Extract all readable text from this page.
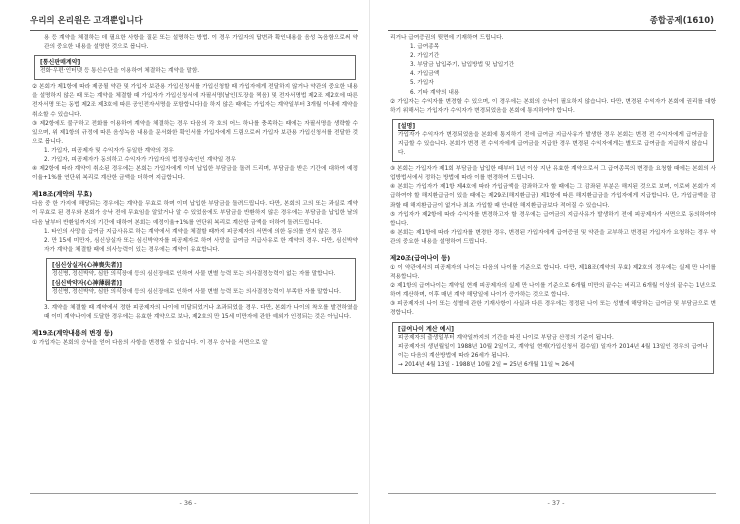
우리의 온리원은 고객뿐입니다

용 등 계약을 체결하는 데 필요한 사항을 질문 또는 설명하는 방법. 이 경우 가입자의 답변과 확인내용을 음성 녹음함으로써 약관의 중요한 내용을 설명한 것으로 봅니다.

[통신판매계약]

전화·우편·인터넷 등 통신수단을 이용하여 체결하는 계약을 말함.

② 본회가 제1항에 따라 제공될 약관 및 가입자 보관용 가입신청서를 가입신청할 때 가입자에게 전달하지 않거나 약관의 중요한 내용을 설명하지 않은 때 또는 계약을 체결할 때 가입자가 가입신청서에 자필서명(날인(도장을 찍음) 및 전자서명법 제2조 제2호에 따른 전자서명 또는 동법 제2조 제3호에 따른 공인전자서명을 포함합니다)을 하지 않은 때에는 가입자는 계약일부터 3개월 이내에 계약을 취소할 수 있습니다.

③ 제2항에도 불구하고 전화를 이용하여 계약을 체결하는 경우 다음의 각 호의 어느 하나를 충족하는 때에는 자필서명을 생략할 수 있으며, 위 제1항의 규정에 따른 음성녹음 내용을 문서화한 확인서를 가입자에게 드림으로써 가입자 보관용 가입신청서를 전달한 것으로 봅니다.

1. 가입자, 피공제자 및 수익자가 동일한 계약의 경우

2. 가입자, 피공제자가 동의하고 수익자가 가입자의 법정상속인인 계약일 경우

④ 제2항에 따라 계약이 취소된 경우에는 본회는 가입자에게 이미 납입한 부담금을 돌려 드리며, 부담금을 받은 기간에 대하여 예정이율+1%를 연단위 복리로 계산한 금액을 더하여 지급합니다.

제18조(계약의 무효)

다음 중 한 가지에 해당되는 경우에는 계약을 무효로 하며 이미 납입한 부담금을 돌려드립니다. 다만, 본회의 고의 또는 과실로 계약이 무효로 된 경우와 본회가 승낙 전에 무효임을 알았거나 알 수 있었음에도 부담금을 반환하지 않은 경우에는 부담금을 납입한 날의 다음 날부터 반환일까지의 기간에 대하여 본회는 예정이율+1%를 연단위 복리로 계산한 금액을 더하여 돌려드립니다.

1. 타인의 사망을 급여금 지급사유로 하는 계약에서 계약을 체결할 때까지 피공제자의 서면에 의한 동의를 얻지 않은 경우

2. 만 15세 미만자, 심신상실자 또는 심신박약자를 피공제자로 하여 사망을 급여금 지급사유로 한 계약의 경우. 다만, 심신박약자가 계약을 체결할 때에 의사능력이 있는 경우에는 계약이 유효합니다.

[심신상실자(心神喪失者)]

정신병, 정신박약, 심한 의식장애 등의 심신장애로 인하여 사물 변별 능력 또는 의사결정능력이 없는 자를 말합니다.

[심신박약자(心神薄弱者)]

정신병, 정신박약, 심한 의식장애 등의 심신장애로 인하여 사물 변별 능력 또는 의사결정능력이 부족한 자를 말합니다.

3. 계약을 체결할 때 계약에서 정한 피공제자의 나이에 미달되었거나 초과되었을 경우. 다만, 본회가 나이의 착오를 발견하였을 때 이미 계약나이에 도달한 경우에는 유효한 계약으로 보나, 제2호의 만 15세 미만자에 관한 예외가 인정되는 것은 아닙니다.

제19조(계약내용의 변경 등)

① 가입자는 본회의 승낙을 얻어 다음의 사항을 변경할 수 있습니다. 이 경우 승낙을 서면으로 알

- 36 -
종합공제(1610)

리거나 급여증권의 뒷면에 기재하여 드립니다.

1. 급여종목

2. 가입기간

3. 부담금 납입주기, 납입방법 및 납입기간

4. 가입금액

5. 가입자

6. 기타 계약의 내용

② 가입자는 수익자를 변경할 수 있으며, 이 경우에는 본회의 승낙이 필요하지 않습니다. 다만, 변경된 수익자가 본회에 권리를 대항하기 위해서는 가입자가 수익자가 변경되었음을 본회에 통지하여야 합니다.

[설명]

가입자가 수익자가 변경되었음을 본회에 통지하기 전에 급여금 지급사유가 발생한 경우 본회는 변경 전 수익자에게 급여금을 지급할 수 있습니다. 본회가 변경 전 수익자에게 급여금을 지급한 경우 변경된 수익자에게는 별도로 급여금을 지급하지 않습니다.

③ 본회는 가입자가 제1회 부담금을 납입한 때부터 1년 이상 지난 유효한 계약으로서 그 급여종목의 변경을 요청할 때에는 본회의 사업방법서에서 정하는 방법에 따라 이를 변경하여 드립니다.

④ 본회는 가입자가 제1항 제4호에 따라 가입금액을 감좌하고자 할 때에는 그 감좌된 부분은 해지된 것으로 보며, 이로써 본회가 지급하여야 할 해지환급금이 있을 때에는 제29조(해지환급금) 제1항에 따른 해지환급금을 가입자에게 지급합니다. 단, 가입금액을 감좌할 때 해지환급금이 없거나 최초 가입할 때 안내한 해지환급금보다 적어질 수 있습니다.

⑤ 가입자가 제2항에 따라 수익자를 변경하고자 할 경우에는 급여금의 지급사유가 발생하기 전에 피공제자가 서면으로 동의하여야 합니다.

⑥ 본회는 제1항에 따라 가입자를 변경한 경우, 변경된 가입자에게 급여증권 및 약관을 교부하고 변경된 가입자가 요청하는 경우 약관의 중요한 내용을 설명하여 드립니다.

제20조(급여나이 등)

① 이 약관에서의 피공제자의 나이는 다음의 나이를 기준으로 합니다. 다만, 제18조(계약의 무효) 제2호의 경우에는 실제 만 나이를 적용합니다.

② 제1항의 급여나이는 계약일 현재 피공제자의 실제 만 나이를 기준으로 6개월 미만의 끝수는 버리고 6개월 이상의 끝수는 1년으로 하여 계산하며, 이후 매년 계약 해당일에 나이가 증가하는 것으로 합니다.

③ 피공제자의 나이 또는 성별에 관한 기재사항이 사실과 다른 경우에는 정정된 나이 또는 성별에 해당하는 급여금 및 부담금으로 변경합니다.

[급여나이 계산 예시]

피공제자의 출생일부터 계약일까지의 기간을 따진 나이로 부담금 산정의 기준이 됩니다.

피공제자의 생년월일이 1988년 10월 2일이고, 계약일 현재(가입신청서 접수일) 일자가 2014년 4월 13일인 경우의 급여나이는 다음의 계산방법에 따라 26세가 됩니다.

→ 2014년 4월 13일 - 1988년 10월 2일 = 25년 6개월 11일 ≒ 26세

- 37 -
